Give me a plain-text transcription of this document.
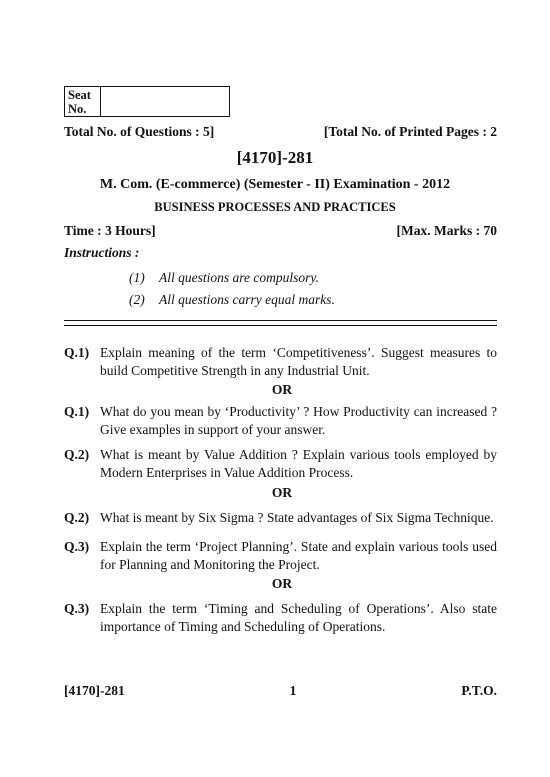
Seat
No.
Total No. of Questions : 5]	[Total No. of Printed Pages : 2
[4170]-281
M. Com. (E-commerce) (Semester - II) Examination - 2012
BUSINESS PROCESSES AND PRACTICES
Time : 3 Hours]	[Max. Marks : 70
Instructions :
(1)	All questions are compulsory.
(2)	All questions carry equal marks.
Q.1) Explain meaning of the term ‘Competitiveness’. Suggest measures to build Competitive Strength in any Industrial Unit.
OR
Q.1) What do you mean by ‘Productivity’ ? How Productivity can increased ? Give examples in support of your answer.
Q.2) What is meant by Value Addition ? Explain various tools employed by Modern Enterprises in Value Addition Process.
OR
Q.2) What is meant by Six Sigma ? State advantages of Six Sigma Technique.
Q.3) Explain the term ‘Project Planning’. State and explain various tools used for Planning and Monitoring the Project.
OR
Q.3) Explain the term ‘Timing and Scheduling of Operations’. Also state importance of Timing and Scheduling of Operations.
[4170]-281	1	P.T.O.
